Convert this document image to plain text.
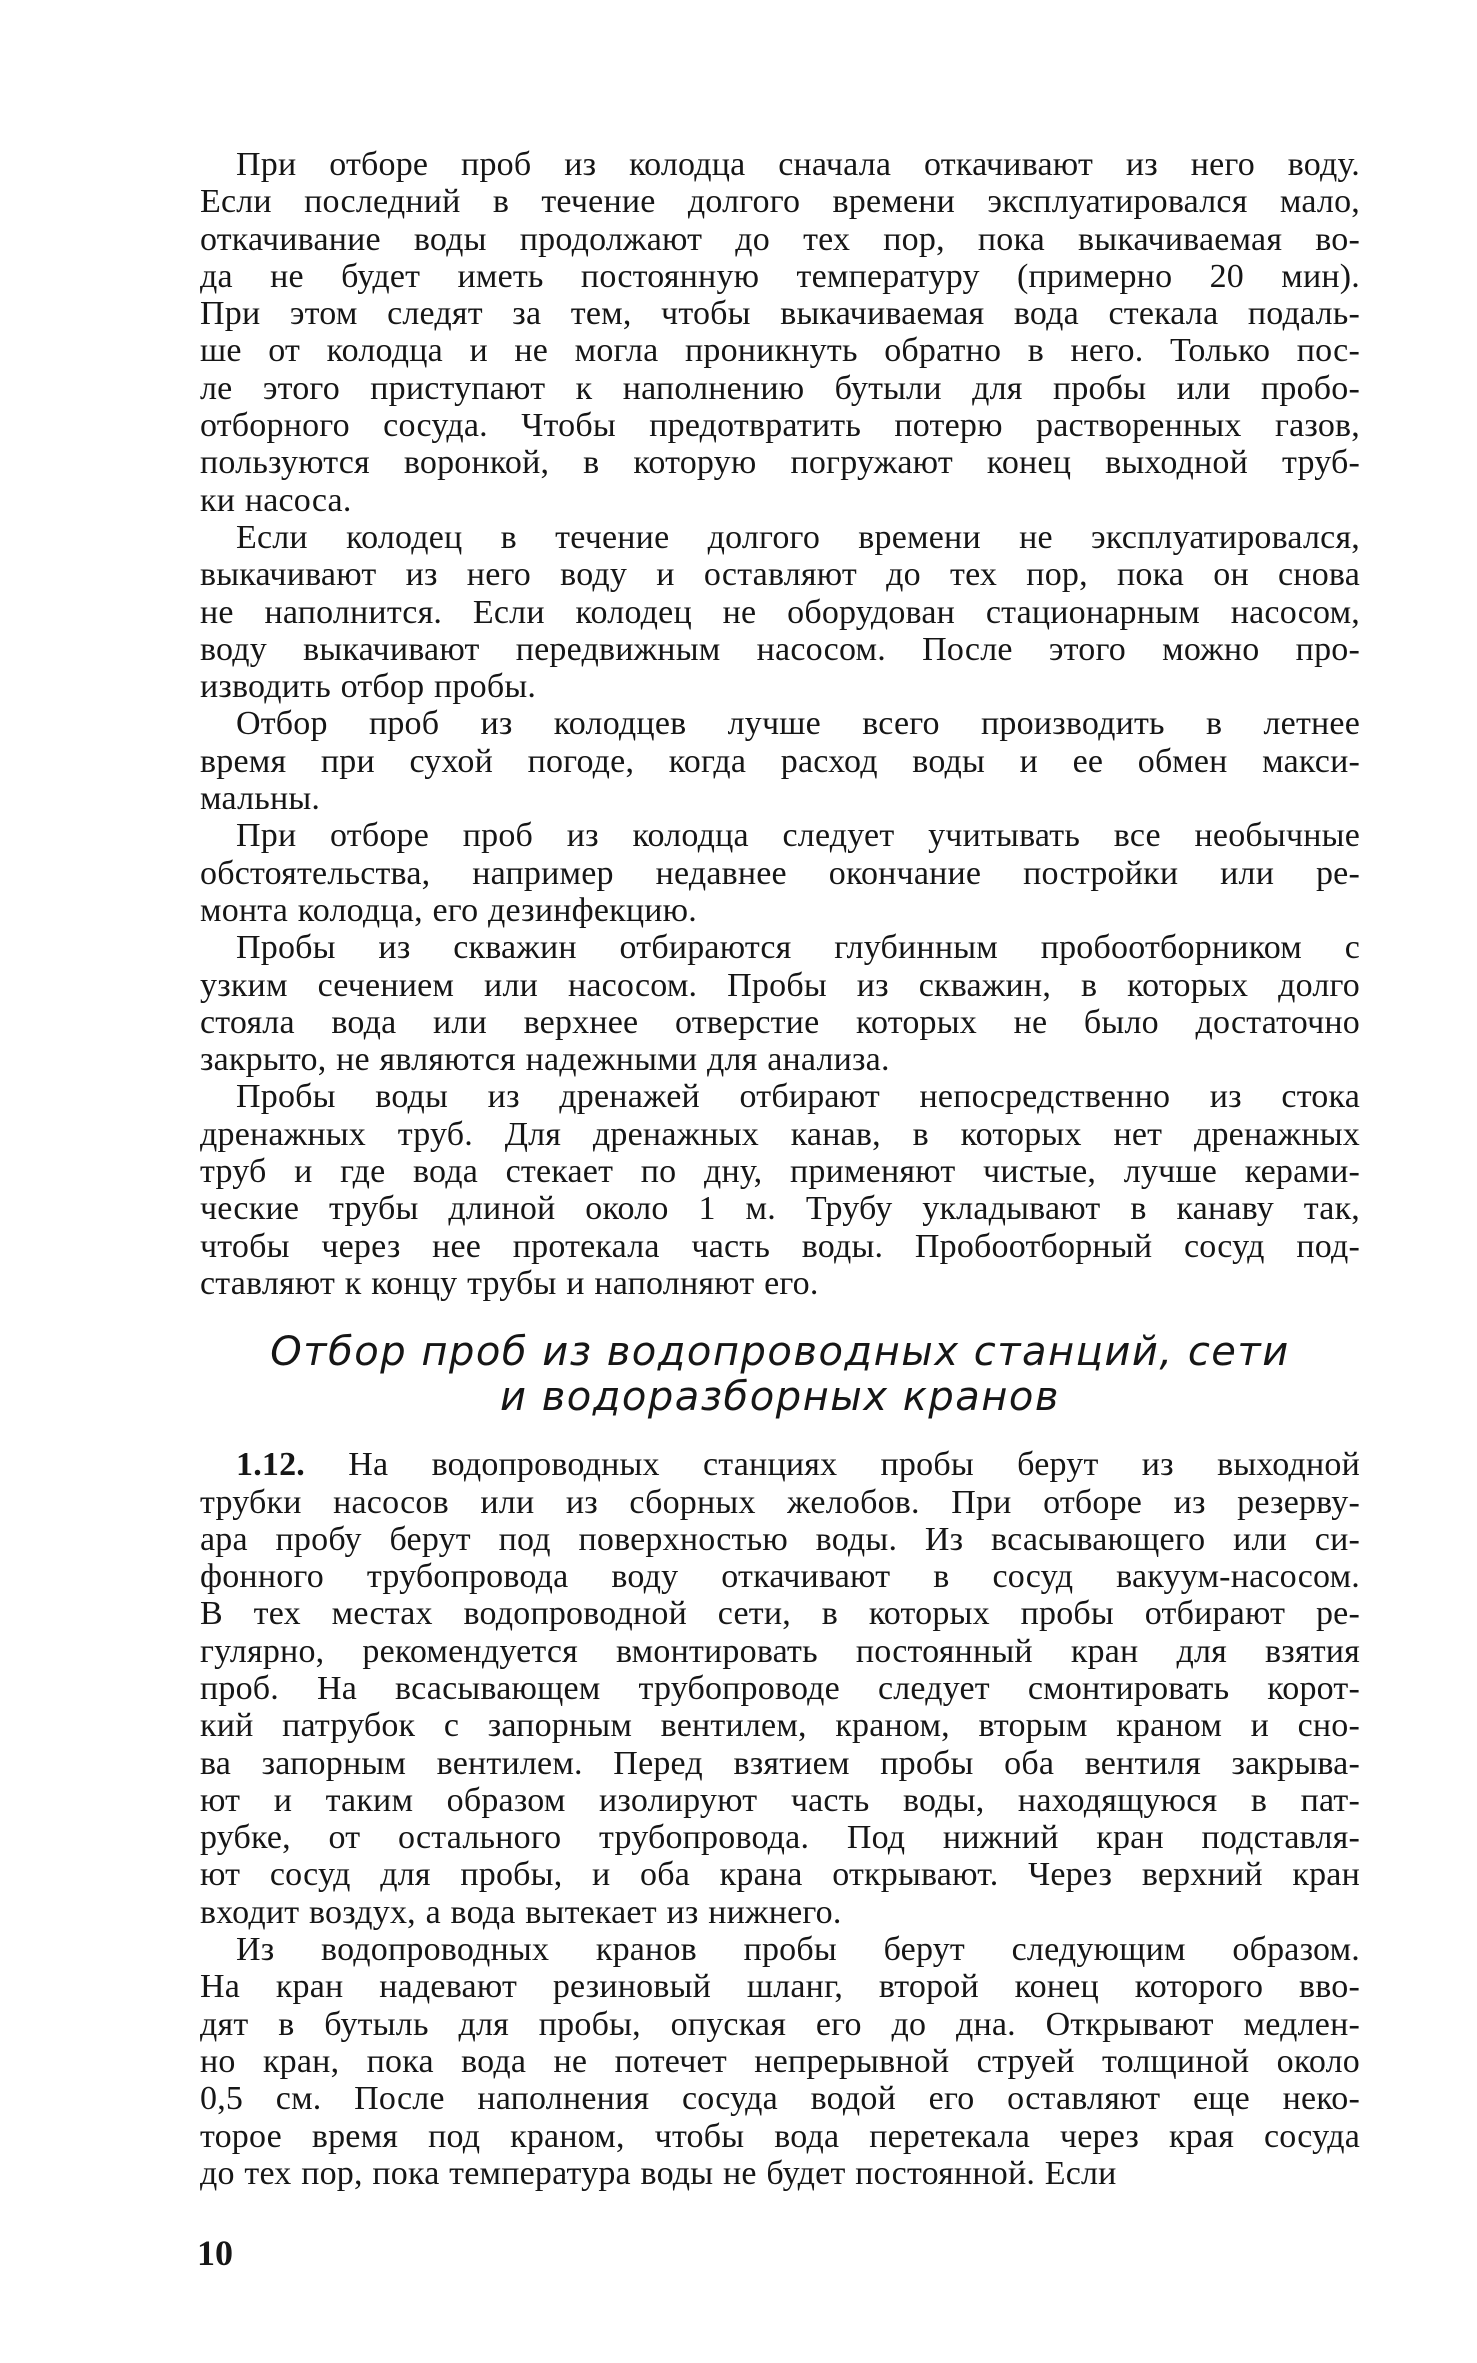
При отборе проб из колодца сначала откачивают из него воду.
Если последний в течение долгого времени эксплуатировался мало,
откачивание воды продолжают до тех пор, пока выкачиваемая во-
да не будет иметь постоянную температуру (примерно 20 мин).
При этом следят за тем, чтобы выкачиваемая вода стекала подаль-
ше от колодца и не могла проникнуть обратно в него. Только пос-
ле этого приступают к наполнению бутыли для пробы или пробо-
отборного сосуда. Чтобы предотвратить потерю растворенных газов,
пользуются воронкой, в которую погружают конец выходной труб-
ки насоса.

Если колодец в течение долгого времени не эксплуатировался,
выкачивают из него воду и оставляют до тех пор, пока он снова
не наполнится. Если колодец не оборудован стационарным насосом,
воду выкачивают передвижным насосом. После этого можно про-
изводить отбор пробы.

Отбор проб из колодцев лучше всего производить в летнее
время при сухой погоде, когда расход воды и ее обмен макси-
мальны.

При отборе проб из колодца следует учитывать все необычные
обстоятельства, например недавнее окончание постройки или ре-
монта колодца, его дезинфекцию.

Пробы из скважин отбираются глубинным пробоотборником с
узким сечением или насосом. Пробы из скважин, в которых долго
стояла вода или верхнее отверстие которых не было достаточно
закрыто, не являются надежными для анализа.

Пробы воды из дренажей отбирают непосредственно из стока
дренажных труб. Для дренажных канав, в которых нет дренажных
труб и где вода стекает по дну, применяют чистые, лучше керами-
ческие трубы длиной около 1 м. Трубу укладывают в канаву так,
чтобы через нее протекала часть воды. Пробоотборный сосуд под-
ставляют к концу трубы и наполняют его.

Отбор проб из водопроводных станций, сети
и водоразборных кранов

1.12. На водопроводных станциях пробы берут из выходной
трубки насосов или из сборных желобов. При отборе из резерву-
ара пробу берут под поверхностью воды. Из всасывающего или си-
фонного трубопровода воду откачивают в сосуд вакуум-насосом.
В тех местах водопроводной сети, в которых пробы отбирают ре-
гулярно, рекомендуется вмонтировать постоянный кран для взятия
проб. На всасывающем трубопроводе следует смонтировать корот-
кий патрубок с запорным вентилем, краном, вторым краном и сно-
ва запорным вентилем. Перед взятием пробы оба вентиля закрыва-
ют и таким образом изолируют часть воды, находящуюся в пат-
рубке, от остального трубопровода. Под нижний кран подставля-
ют сосуд для пробы, и оба крана открывают. Через верхний кран
входит воздух, а вода вытекает из нижнего.

Из водопроводных кранов пробы берут следующим образом.
На кран надевают резиновый шланг, второй конец которого вво-
дят в бутыль для пробы, опуская его до дна. Открывают медлен-
но кран, пока вода не потечет непрерывной струей толщиной около
0,5 см. После наполнения сосуда водой его оставляют еще неко-
торое время под краном, чтобы вода перетекала через края сосуда
до тех пор, пока температура воды не будет постоянной. Если

10
